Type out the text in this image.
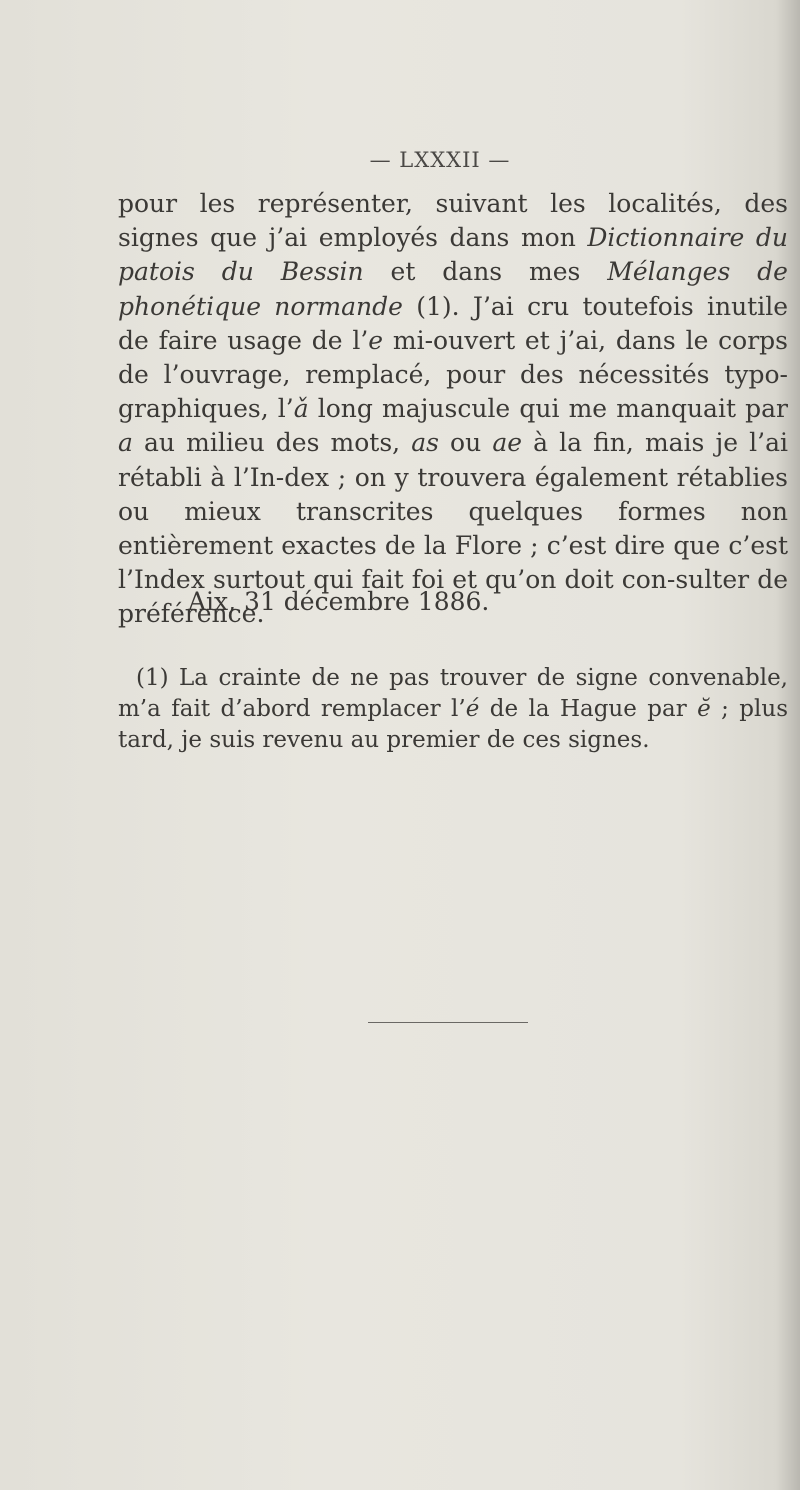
— LXXXII —

pour les représenter, suivant les localités, des signes que j’ai employés dans mon Dictionnaire du patois du Bessin et dans mes Mélanges de phonétique normande (1). J’ai cru toutefois inutile de faire usage de l’e mi-ouvert et j’ai, dans le corps de l’ouvrage, remplacé, pour des nécessités typo-graphiques, l’ǎ long majuscule qui me manquait par a au milieu des mots, as ou ae à la fin, mais je l’ai rétabli à l’In-dex ; on y trouvera également rétablies ou mieux transcrites quelques formes non entièrement exactes de la Flore ; c’est dire que c’est l’Index surtout qui fait foi et qu’on doit con-sulter de préférence.

Aix, 31 décembre 1886.

(1) La crainte de ne pas trouver de signe convenable, m’a fait d’abord remplacer l’é de la Hague par ĕ ; plus tard, je suis revenu au premier de ces signes.
